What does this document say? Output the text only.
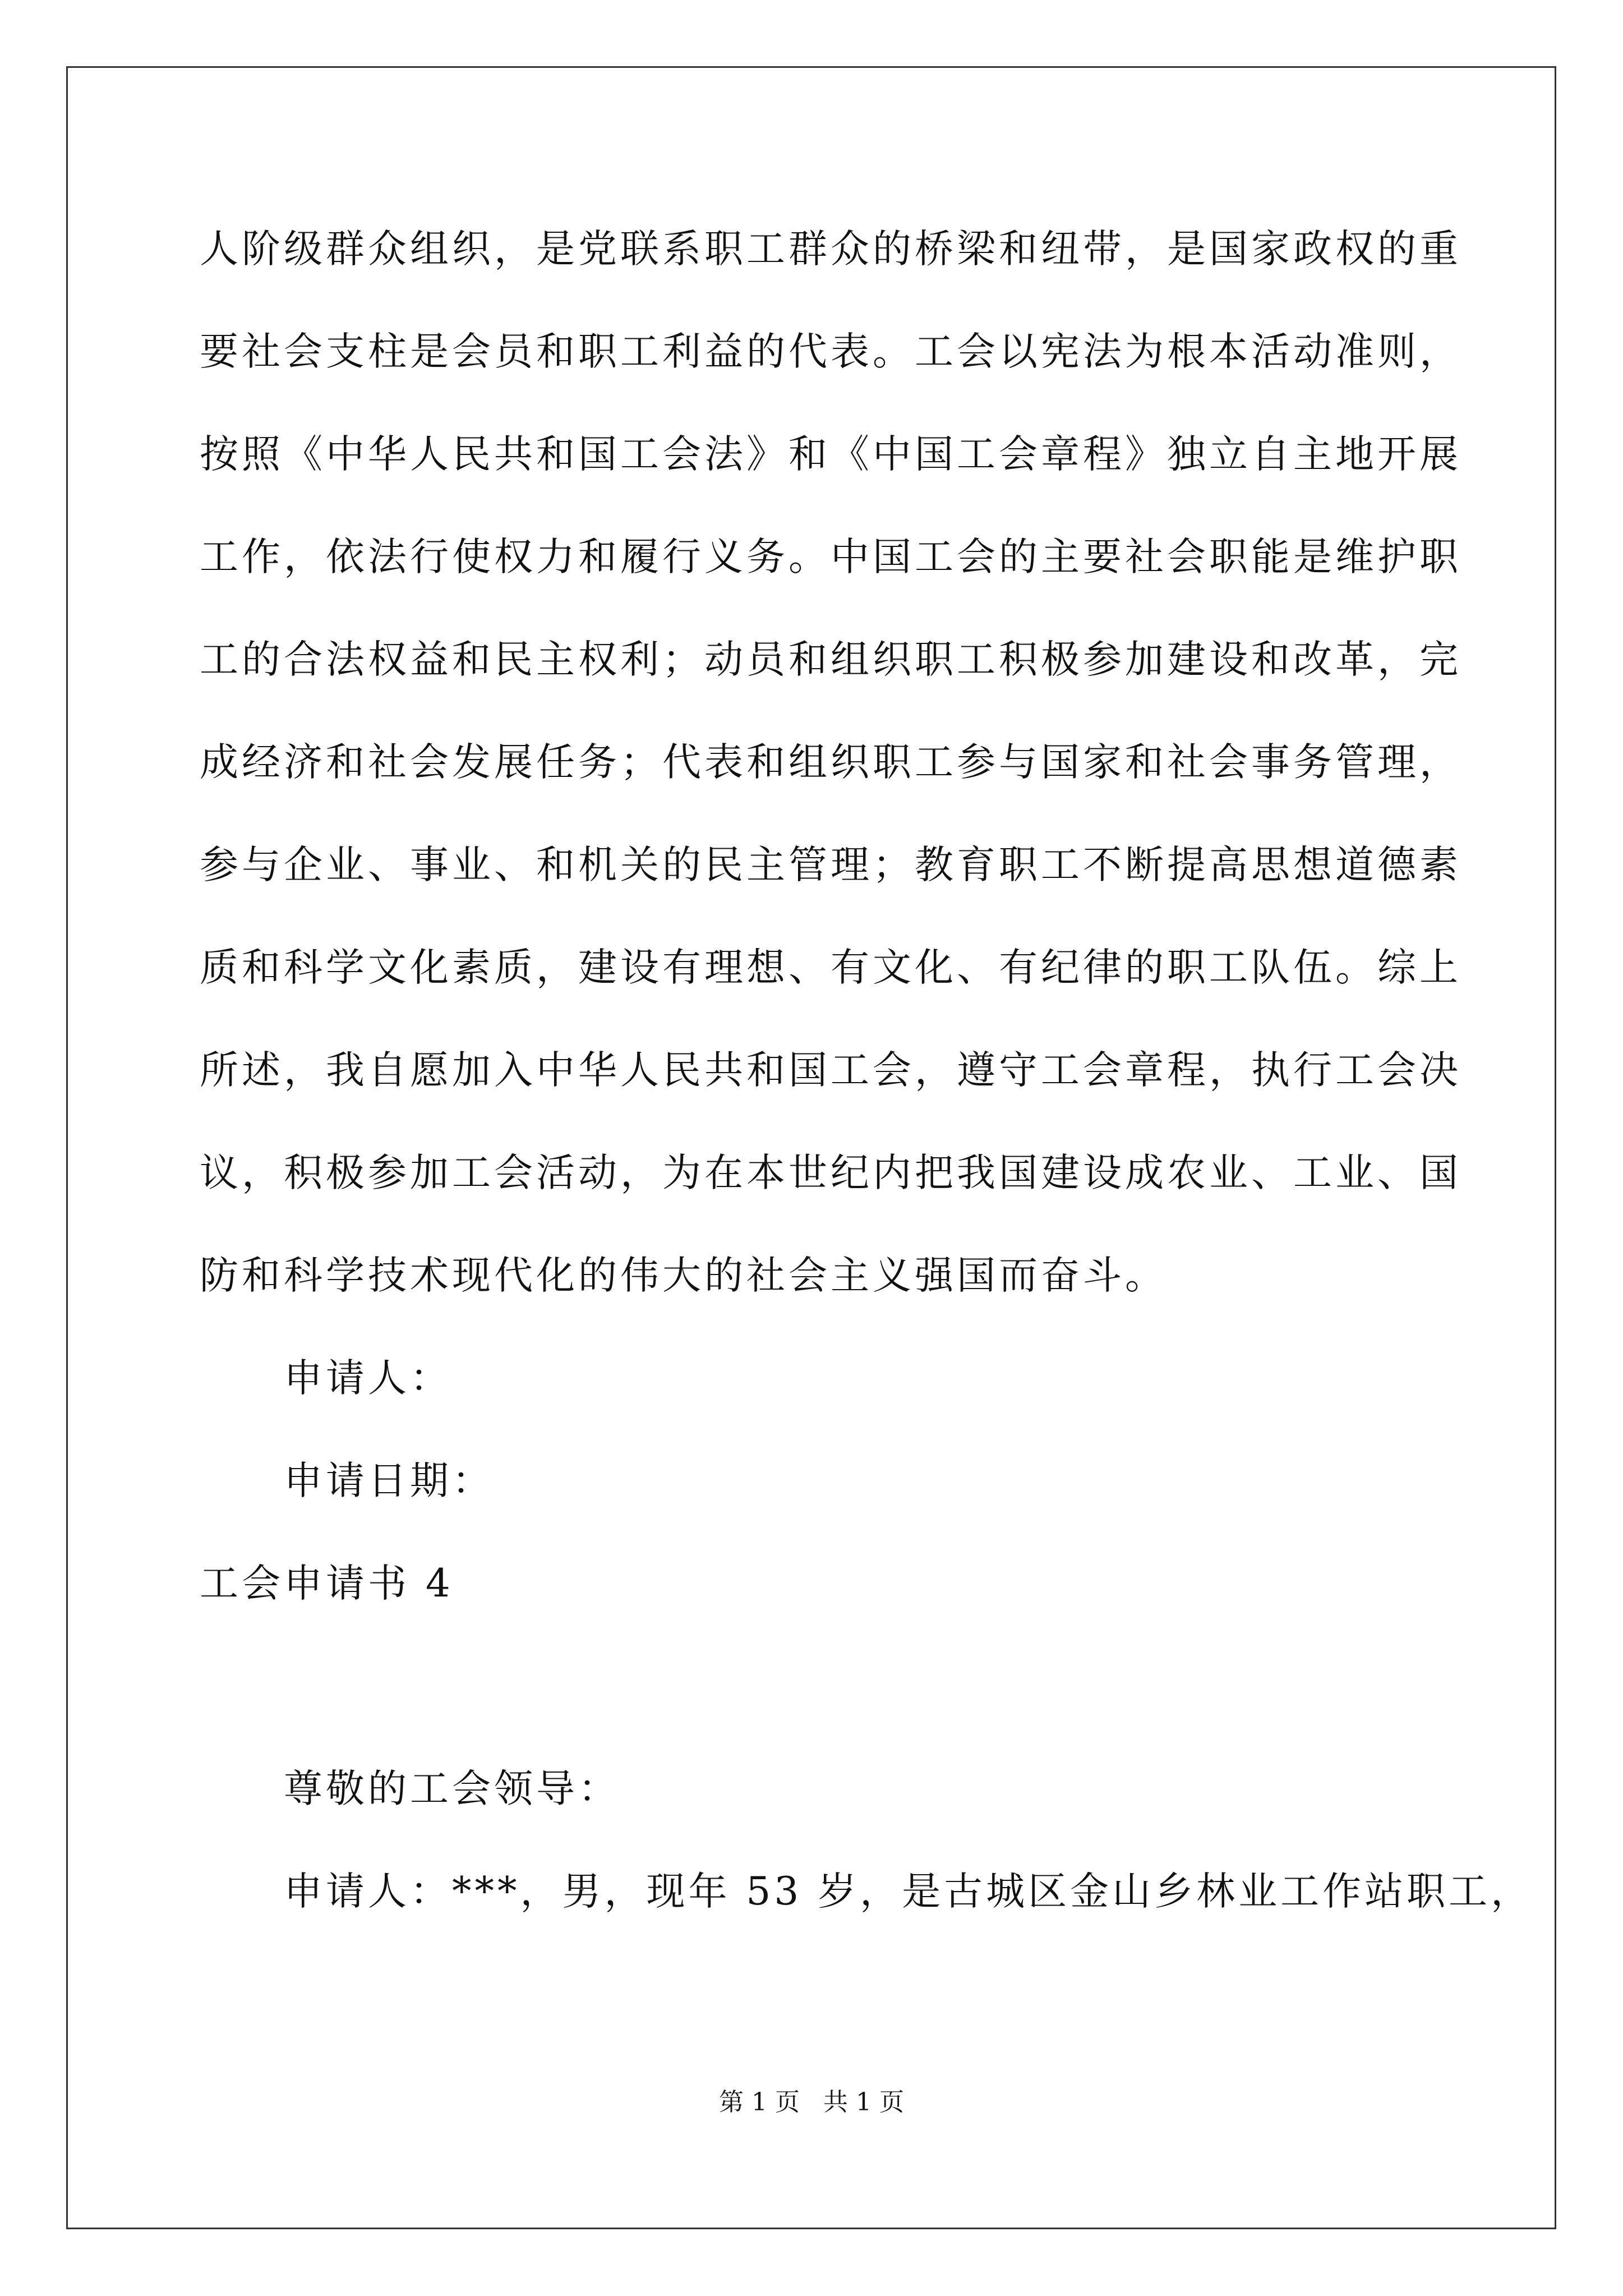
人阶级群众组织，是党联系职工群众的桥梁和纽带，是国家政权的重
要社会支柱是会员和职工利益的代表。工会以宪法为根本活动准则，
按照《中华人民共和国工会法》和《中国工会章程》独立自主地开展
工作，依法行使权力和履行义务。中国工会的主要社会职能是维护职
工的合法权益和民主权利；动员和组织职工积极参加建设和改革，完
成经济和社会发展任务；代表和组织职工参与国家和社会事务管理，
参与企业、事业、和机关的民主管理；教育职工不断提高思想道德素
质和科学文化素质，建设有理想、有文化、有纪律的职工队伍。综上
所述，我自愿加入中华人民共和国工会，遵守工会章程，执行工会决
议，积极参加工会活动，为在本世纪内把我国建设成农业、工业、国
防和科学技术现代化的伟大的社会主义强国而奋斗。
申请人：
申请日期：
工会申请书 4
尊敬的工会领导：
申请人：***，男，现年 53 岁，是古城区金山乡林业工作站职工，
第 1 页   共 1 页
